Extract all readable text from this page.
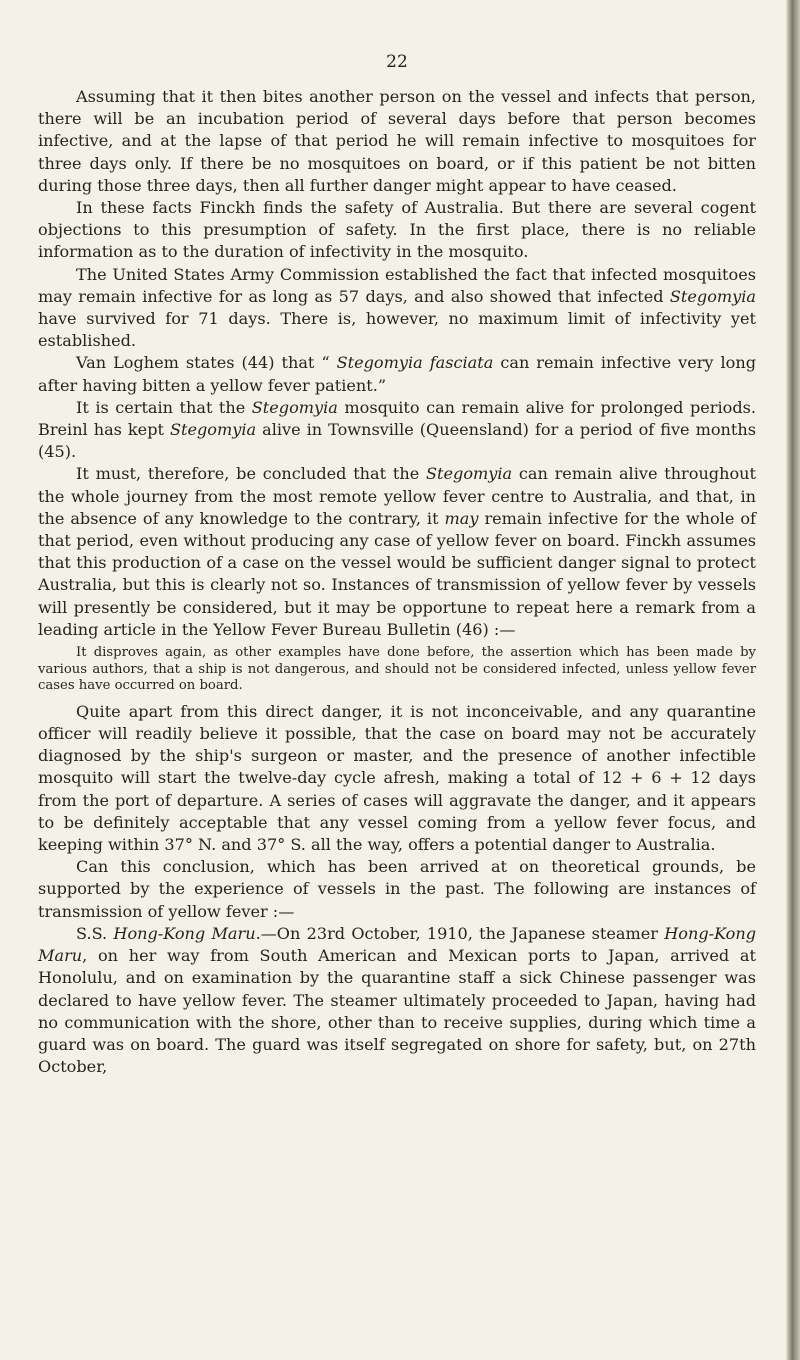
22

Assuming that it then bites another person on the vessel and infects that person, there will be an incubation period of several days before that person becomes infective, and at the lapse of that period he will remain infective to mosquitoes for three days only. If there be no mosquitoes on board, or if this patient be not bitten during those three days, then all further danger might appear to have ceased.

In these facts Finckh finds the safety of Australia. But there are several cogent objections to this presumption of safety. In the first place, there is no reliable information as to the duration of infectivity in the mosquito.

The United States Army Commission established the fact that infected mosquitoes may remain infective for as long as 57 days, and also showed that infected Stegomyia have survived for 71 days. There is, however, no maximum limit of infectivity yet established.

Van Loghem states (44) that “ Stegomyia fasciata can remain infective very long after having bitten a yellow fever patient.”

It is certain that the Stegomyia mosquito can remain alive for prolonged periods. Breinl has kept Stegomyia alive in Townsville (Queensland) for a period of five months (45).

It must, therefore, be concluded that the Stegomyia can remain alive throughout the whole journey from the most remote yellow fever centre to Australia, and that, in the absence of any knowledge to the contrary, it may remain infective for the whole of that period, even without producing any case of yellow fever on board. Finckh assumes that this production of a case on the vessel would be sufficient danger signal to protect Australia, but this is clearly not so. Instances of transmission of yellow fever by vessels will presently be considered, but it may be opportune to repeat here a remark from a leading article in the Yellow Fever Bureau Bulletin (46) :—

It disproves again, as other examples have done before, the assertion which has been made by various authors, that a ship is not dangerous, and should not be considered infected, unless yellow fever cases have occurred on board.

Quite apart from this direct danger, it is not inconceivable, and any quarantine officer will readily believe it possible, that the case on board may not be accurately diagnosed by the ship's surgeon or master, and the presence of another infectible mosquito will start the twelve-day cycle afresh, making a total of 12 + 6 + 12 days from the port of departure. A series of cases will aggravate the danger, and it appears to be definitely acceptable that any vessel coming from a yellow fever focus, and keeping within 37° N. and 37° S. all the way, offers a potential danger to Australia.

Can this conclusion, which has been arrived at on theoretical grounds, be supported by the experience of vessels in the past. The following are instances of transmission of yellow fever :—

S.S. Hong-Kong Maru.—On 23rd October, 1910, the Japanese steamer Hong-Kong Maru, on her way from South American and Mexican ports to Japan, arrived at Honolulu, and on examination by the quarantine staff a sick Chinese passenger was declared to have yellow fever. The steamer ultimately proceeded to Japan, having had no communication with the shore, other than to receive supplies, during which time a guard was on board. The guard was itself segregated on shore for safety, but, on 27th October,
